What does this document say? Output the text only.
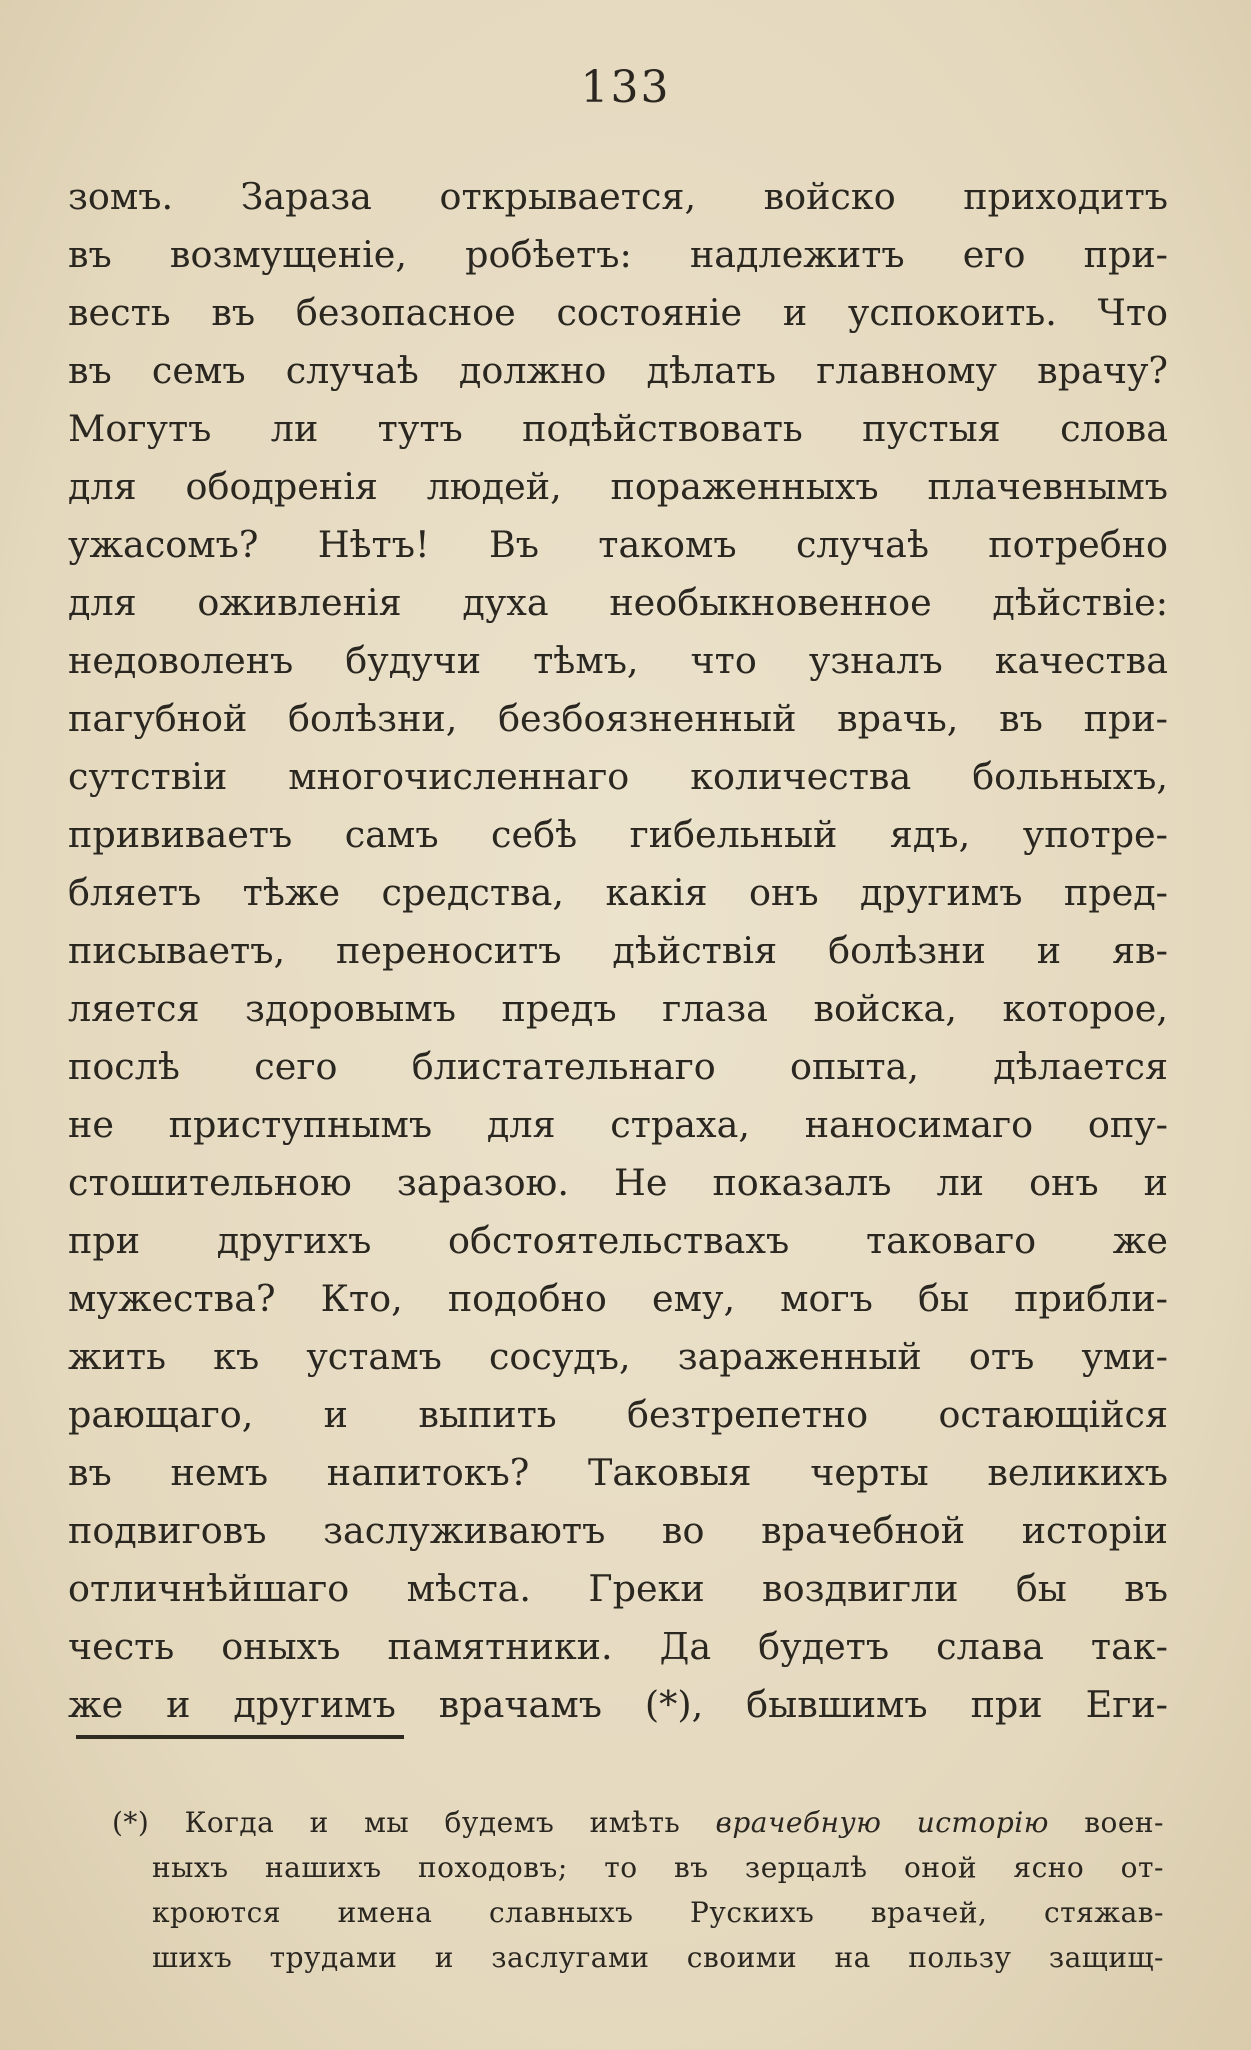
133
зомъ. Зараза открывается, войско приходитъ
въ возмущеніе, робѣетъ: надлежитъ его при-
весть въ безопасное состояніе и успокоить. Что
въ семъ случаѣ должно дѣлать главному врачу?
Могутъ ли тутъ подѣйствовать пустыя слова
для ободренія людей, пораженныхъ плачевнымъ
ужасомъ? Нѣтъ! Въ такомъ случаѣ потребно
для оживленія духа необыкновенное дѣйствіе:
недоволенъ будучи тѣмъ, что узналъ качества
пагубной болѣзни, безбоязненный врачь, въ при-
сутствіи многочисленнаго количества больныхъ,
прививаетъ самъ себѣ гибельный ядъ, употре-
бляетъ тѣже средства, какія онъ другимъ пред-
писываетъ, переноситъ дѣйствія болѣзни и яв-
ляется здоровымъ предъ глаза войска, которое,
послѣ сего блистательнаго опыта, дѣлается
не приступнымъ для страха, наносимаго опу-
стошительною заразою. Не показалъ ли онъ и
при другихъ обстоятельствахъ таковаго же
мужества? Кто, подобно ему, могъ бы прибли-
жить къ устамъ сосудъ, зараженный отъ уми-
рающаго, и выпить безтрепетно остающійся
въ немъ напитокъ? Таковыя черты великихъ
подвиговъ заслуживаютъ во врачебной исторіи
отличнѣйшаго мѣста. Греки воздвигли бы въ
честь оныхъ памятники. Да будетъ слава так-
же и другимъ врачамъ (*), бывшимъ при Еги-
(*) Когда и мы будемъ имѣть врачебную исторію воен-
ныхъ нашихъ походовъ; то въ зерцалѣ оной ясно от-
кроются имена славныхъ Рускихъ врачей, стяжав-
шихъ трудами и заслугами своими на пользу защищ-
